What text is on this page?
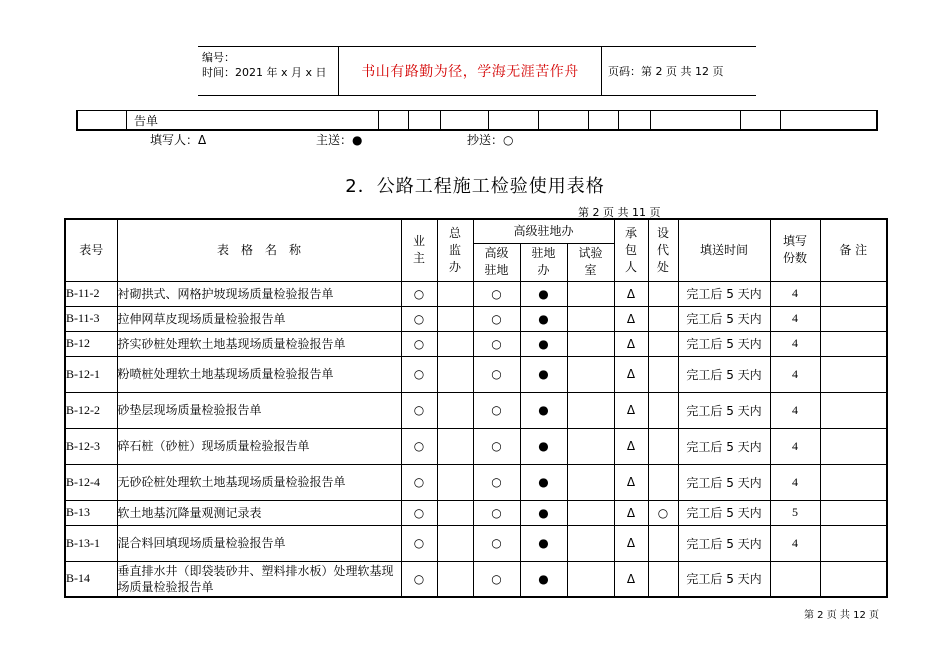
编号：
时间：2021 年 x 月 x 日	书山有路勤为径，学海无涯苦作舟	页码：第 2 页 共 12 页
告单
填写人：Δ	主送：●	抄送：○
2．公路工程施工检验使用表格
第 2 页 共 11 页
表号	表　格　名　称	业主	总监办	高级驻地办			承包人	设代处	填送时间	填写份数	备 注
				高级驻地	驻地办	试验室					
B-11-2	衬砌拱式、网格护坡现场质量检验报告单	○		○	●		Δ		完工后 5 天内	4	
B-11-3	拉伸网草皮现场质量检验报告单	○		○	●		Δ		完工后 5 天内	4	
B-12	挤实砂桩处理软土地基现场质量检验报告单	○		○	●		Δ		完工后 5 天内	4	
B-12-1	粉喷桩处理软土地基现场质量检验报告单	○		○	●		Δ		完工后 5 天内	4	
B-12-2	砂垫层现场质量检验报告单	○		○	●		Δ		完工后 5 天内	4	
B-12-3	碎石桩（砂桩）现场质量检验报告单	○		○	●		Δ		完工后 5 天内	4	
B-12-4	无砂砼桩处理软土地基现场质量检验报告单	○		○	●		Δ		完工后 5 天内	4	
B-13	软土地基沉降量观测记录表	○		○	●		Δ	○	完工后 5 天内	5	
B-13-1	混合料回填现场质量检验报告单	○		○	●		Δ		完工后 5 天内	4	
B-14	垂直排水井（即袋装砂井、塑料排水板）处理软基现场质量检验报告单	○		○	●		Δ		完工后 5 天内		
第 2 页 共 12 页
